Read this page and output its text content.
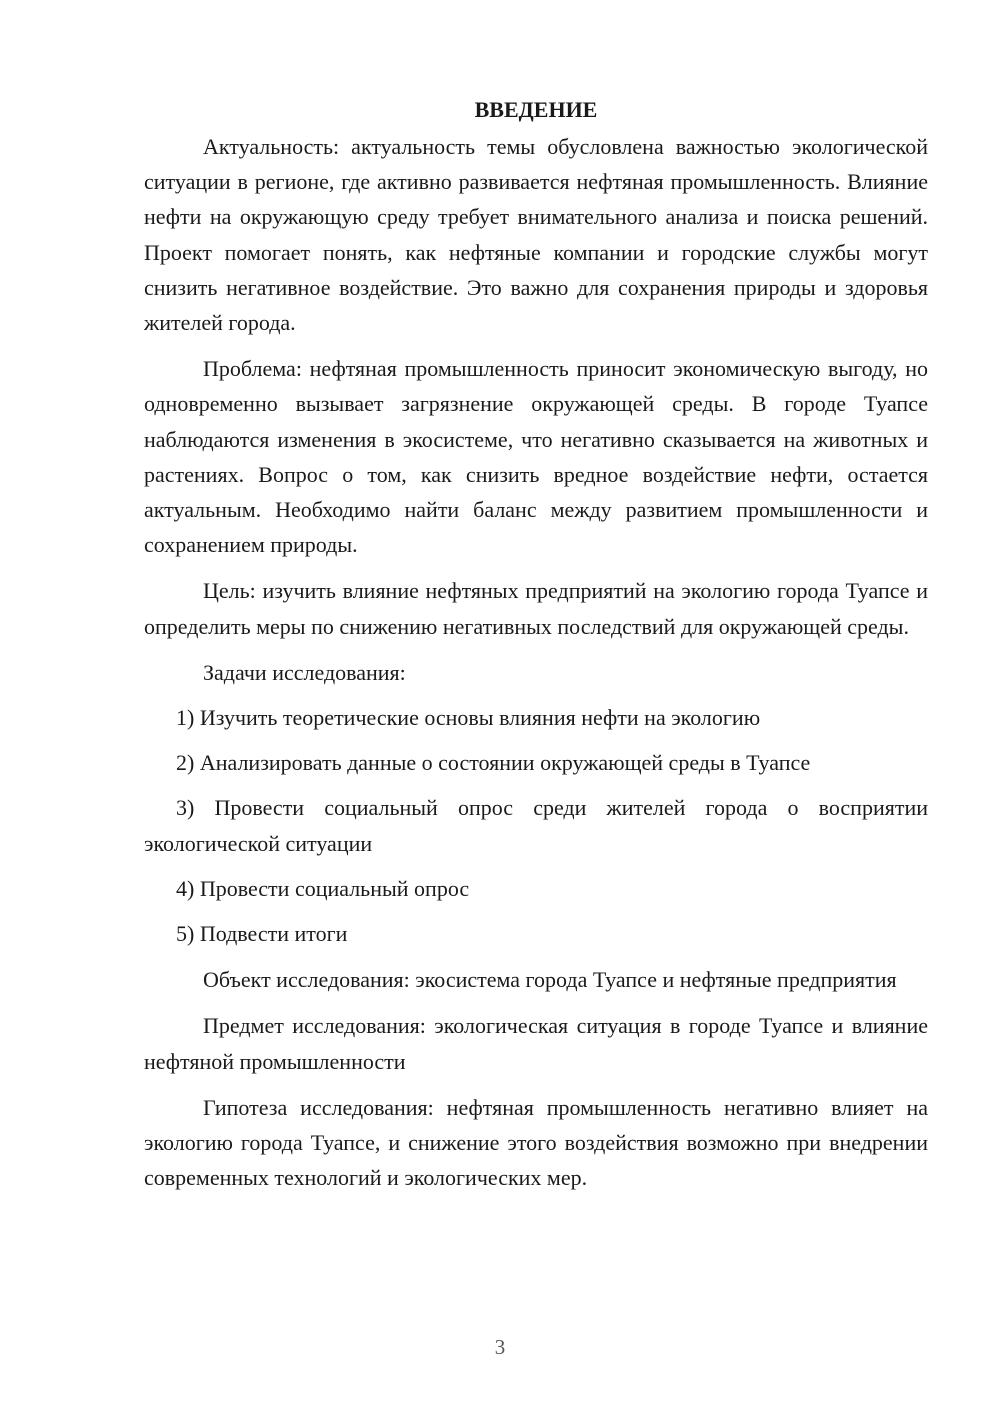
ВВЕДЕНИЕ

Актуальность: актуальность темы обусловлена важностью экологической ситуации в регионе, где активно развивается нефтяная промышленность. Влияние нефти на окружающую среду требует внимательного анализа и поиска решений. Проект помогает понять, как нефтяные компании и городские службы могут снизить негативное воздействие. Это важно для сохранения природы и здоровья жителей города.

Проблема: нефтяная промышленность приносит экономическую выгоду, но одновременно вызывает загрязнение окружающей среды. В городе Туапсе наблюдаются изменения в экосистеме, что негативно сказывается на животных и растениях. Вопрос о том, как снизить вредное воздействие нефти, остается актуальным. Необходимо найти баланс между развитием промышленности и сохранением природы.

Цель: изучить влияние нефтяных предприятий на экологию города Туапсе и определить меры по снижению негативных последствий для окружающей среды.

Задачи исследования:

1) Изучить теоретические основы влияния нефти на экологию

2) Анализировать данные о состоянии окружающей среды в Туапсе

3) Провести социальный опрос среди жителей города о восприятии экологической ситуации

4) Провести социальный опрос

5) Подвести итоги

Объект исследования: экосистема города Туапсе и нефтяные предприятия

Предмет исследования: экологическая ситуация в городе Туапсе и влияние нефтяной промышленности

Гипотеза исследования: нефтяная промышленность негативно влияет на экологию города Туапсе, и снижение этого воздействия возможно при внедрении современных технологий и экологических мер.

3
